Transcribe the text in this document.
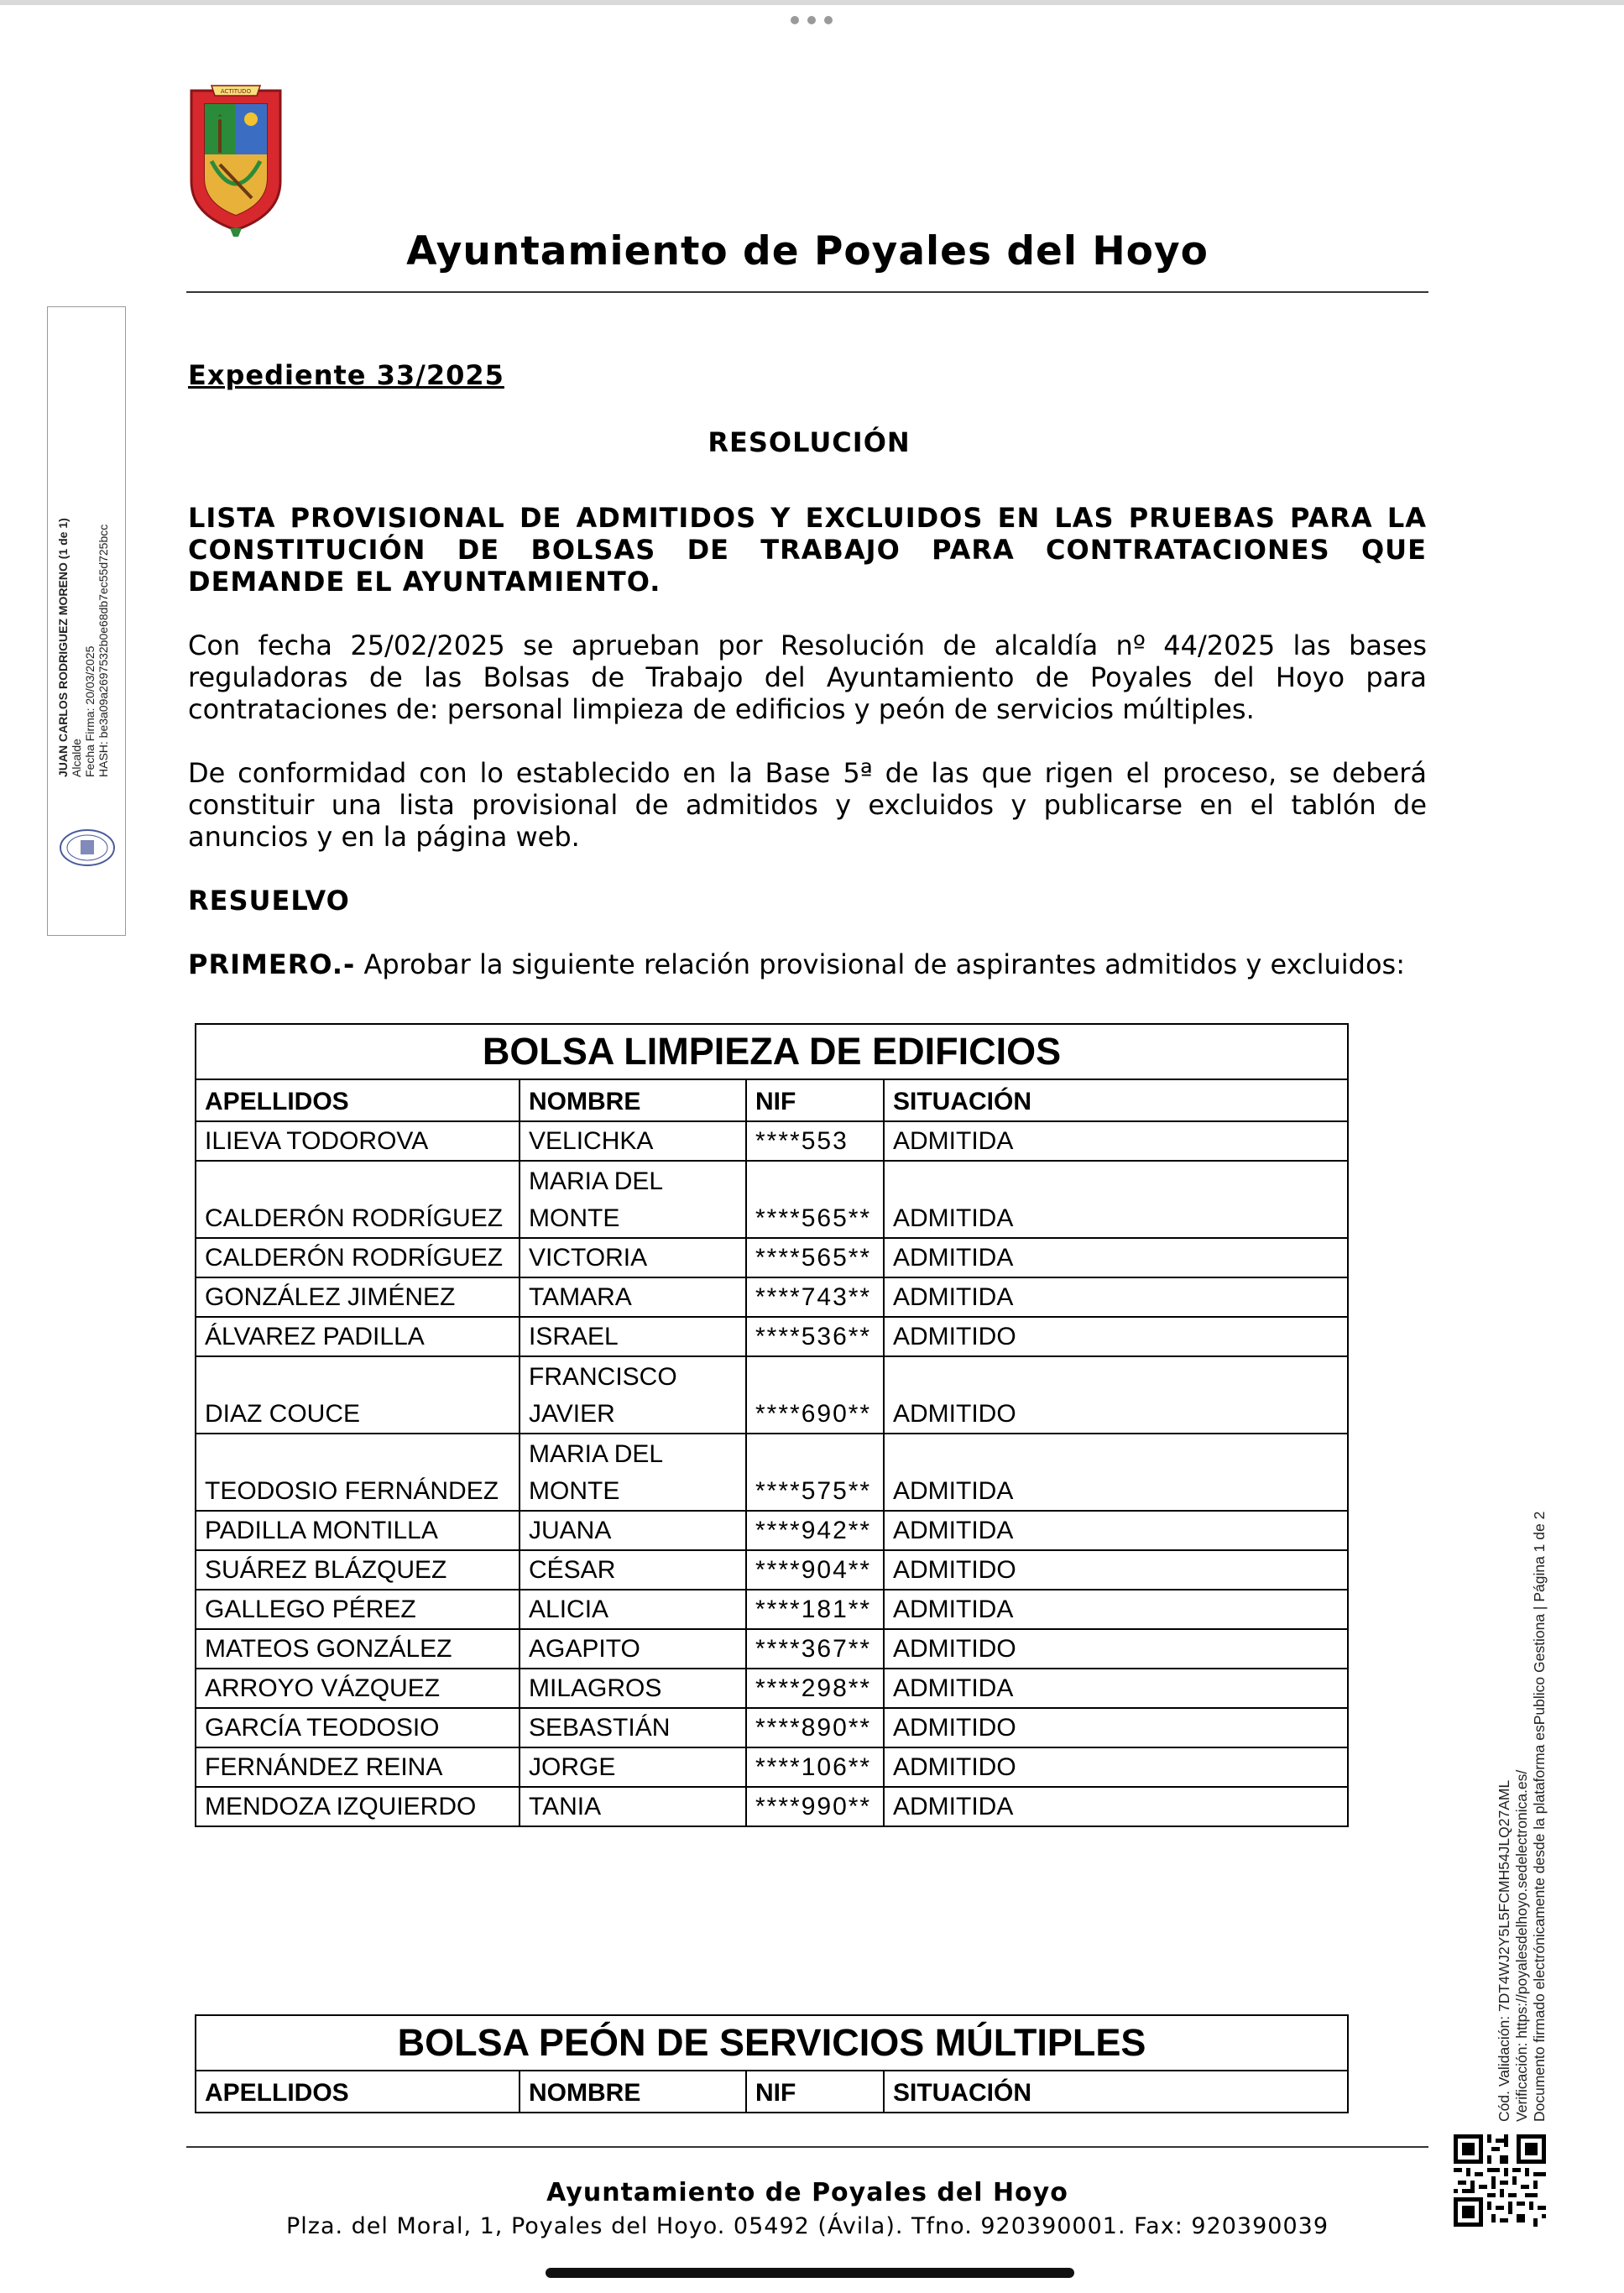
ACTITUDO
Ayuntamiento de Poyales del Hoyo
JUAN CARLOS RODRIGUEZ MORENO (1 de 1) Alcalde Fecha Firma: 20/03/2025 HASH: be3a09a2697532b0e68db7ec55d725bcc
Cód. Validación: 7DT4WJ2Y5L5FCMH54JLQ27AML Verificación: https://poyalesdelhoyo.sedelectronica.es/ Documento firmado electrónicamente desde la plataforma esPublico Gestiona | Página 1 de 2
Expediente 33/2025
RESOLUCIÓN
LISTA PROVISIONAL DE ADMITIDOS Y EXCLUIDOS EN LAS PRUEBAS PARA LA CONSTITUCIÓN DE BOLSAS DE TRABAJO PARA CONTRATACIONES QUE DEMANDE EL AYUNTAMIENTO.
Con fecha 25/02/2025 se aprueban por Resolución de alcaldía nº 44/2025 las bases reguladoras de las Bolsas de Trabajo del Ayuntamiento de Poyales del Hoyo para contrataciones de: personal limpieza de edificios y peón de servicios múltiples.
De conformidad con lo establecido en la Base 5ª de las que rigen el proceso, se deberá constituir una lista provisional de admitidos y excluidos y publicarse en el tablón de anuncios y en la página web.
RESUELVO
PRIMERO.- Aprobar la siguiente relación provisional de aspirantes admitidos y excluidos:
BOLSA LIMPIEZA DE EDIFICIOS			
APELLIDOS	NOMBRE	NIF	SITUACIÓN
ILIEVA TODOROVA	VELICHKA	****553	ADMITIDA
CALDERÓN RODRÍGUEZ	MARIA DEL MONTE	****565**	ADMITIDA
CALDERÓN RODRÍGUEZ	VICTORIA	****565**	ADMITIDA
GONZÁLEZ JIMÉNEZ	TAMARA	****743**	ADMITIDA
ÁLVAREZ PADILLA	ISRAEL	****536**	ADMITIDO
DIAZ COUCE	FRANCISCO JAVIER	****690**	ADMITIDO
TEODOSIO FERNÁNDEZ	MARIA DEL MONTE	****575**	ADMITIDA
PADILLA MONTILLA	JUANA	****942**	ADMITIDA
SUÁREZ BLÁZQUEZ	CÉSAR	****904**	ADMITIDO
GALLEGO PÉREZ	ALICIA	****181**	ADMITIDA
MATEOS GONZÁLEZ	AGAPITO	****367**	ADMITIDO
ARROYO VÁZQUEZ	MILAGROS	****298**	ADMITIDA
GARCÍA TEODOSIO	SEBASTIÁN	****890**	ADMITIDO
FERNÁNDEZ REINA	JORGE	****106**	ADMITIDO
MENDOZA IZQUIERDO	TANIA	****990**	ADMITIDA
BOLSA PEÓN DE SERVICIOS MÚLTIPLES
APELLIDOS	NOMBRE	NIF	SITUACIÓN
Ayuntamiento de Poyales del Hoyo
Plza. del Moral, 1, Poyales del Hoyo. 05492 (Ávila). Tfno. 920390001. Fax: 920390039
